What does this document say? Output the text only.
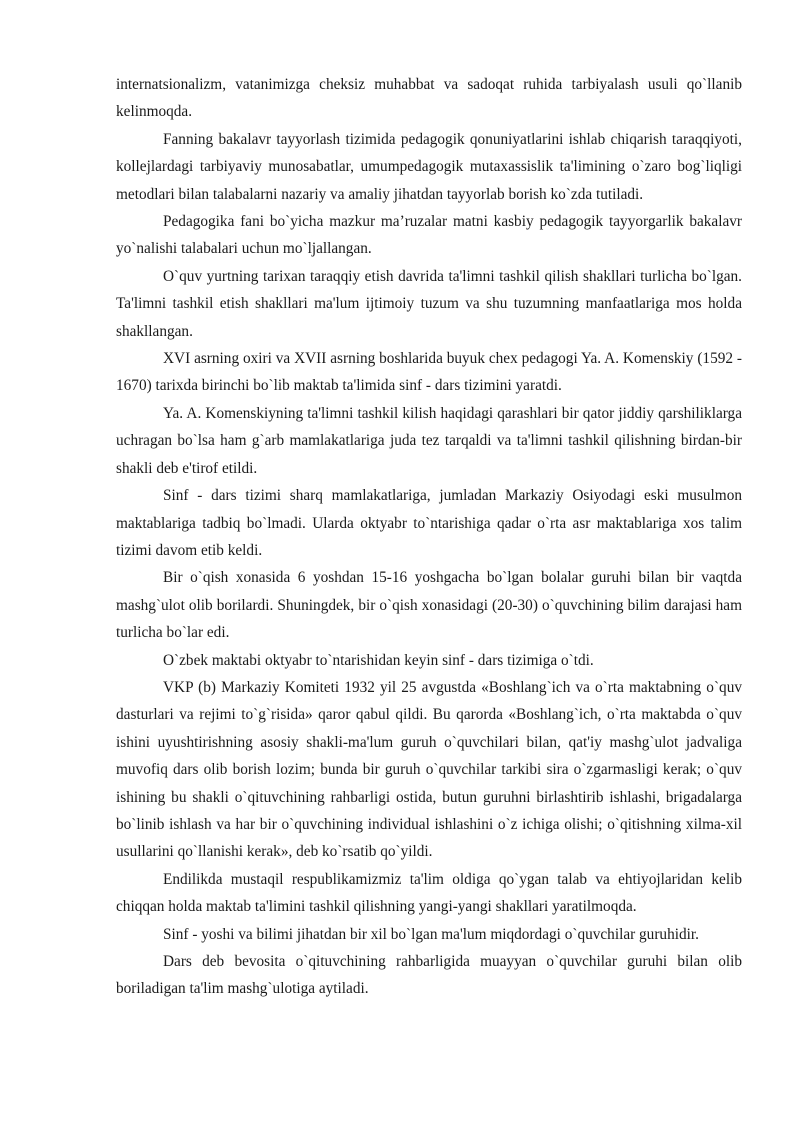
internatsionalizm, vatanimizga cheksiz muhabbat va sadoqat ruhida tarbiyalash usuli qo`llanib kelinmoqda.

Fanning bakalavr tayyorlash tizimida pedagogik qonuniyatlarini ishlab chiqarish taraqqiyoti, kollejlardagi tarbiyaviy munosabatlar, umumpedagogik mutaxassislik ta'limining o`zaro bog`liqligi metodlari bilan talabalarni nazariy va amaliy jihatdan tayyorlab borish ko`zda tutiladi.

Pedagogika fani bo`yicha mazkur ma’ruzalar matni kasbiy pedagogik tayyorgarlik bakalavr yo`nalishi talabalari uchun mo`ljallangan.

O`quv yurtning tarixan taraqqiy etish davrida ta'limni tashkil qilish shakllari turlicha bo`lgan. Ta'limni tashkil etish shakllari ma'lum ijtimoiy tuzum va shu tuzumning manfaatlariga mos holda shakllangan.

XVI asrning oxiri va XVII asrning boshlarida buyuk chex pedagogi Ya. A. Komenskiy (1592 - 1670) tarixda birinchi bo`lib maktab ta'limida sinf - dars tizimini yaratdi.

Ya. A. Komenskiyning ta'limni tashkil kilish haqidagi qarashlari bir qator jiddiy qarshiliklarga uchragan bo`lsa ham g`arb mamlakatlariga juda tez tarqaldi va ta'limni tashkil qilishning birdan-bir shakli deb e'tirof etildi.

Sinf - dars tizimi sharq mamlakatlariga, jumladan Markaziy Osiyodagi eski musulmon maktablariga tadbiq bo`lmadi. Ularda oktyabr to`ntarishiga qadar o`rta asr maktablariga xos talim tizimi davom etib keldi.

Bir o`qish xonasida 6 yoshdan 15-16 yoshgacha bo`lgan bolalar guruhi bilan bir vaqtda mashg`ulot olib borilardi. Shuningdek, bir o`qish xonasidagi (20-30) o`quvchining bilim darajasi ham turlicha bo`lar edi.

O`zbek maktabi oktyabr to`ntarishidan keyin sinf - dars tizimiga o`tdi.

VKP (b) Markaziy Komiteti 1932 yil 25 avgustda «Boshlang`ich va o`rta maktabning o`quv dasturlari va rejimi to`g`risida» qaror qabul qildi. Bu qarorda «Boshlang`ich, o`rta maktabda o`quv ishini uyushtirishning asosiy shakli-ma'lum guruh o`quvchilari bilan, qat'iy mashg`ulot jadvaliga muvofiq dars olib borish lozim; bunda bir guruh o`quvchilar tarkibi sira o`zgarmasligi kerak; o`quv ishining bu shakli o`qituvchining rahbarligi ostida, butun guruhni birlashtirib ishlashi, brigadalarga bo`linib ishlash va har bir o`quvchining individual ishlashini o`z ichiga olishi; o`qitishning xilma-xil usullarini qo`llanishi kerak», deb ko`rsatib qo`yildi.

Endilikda mustaqil respublikamizmiz ta'lim oldiga qo`ygan talab va ehtiyojlaridan kelib chiqqan holda maktab ta'limini tashkil qilishning yangi-yangi shakllari yaratilmoqda.

Sinf - yoshi va bilimi jihatdan bir xil bo`lgan ma'lum miqdordagi o`quvchilar guruhidir.

Dars deb bevosita o`qituvchining rahbarligida muayyan o`quvchilar guruhi bilan olib boriladigan ta'lim mashg`ulotiga aytiladi.
